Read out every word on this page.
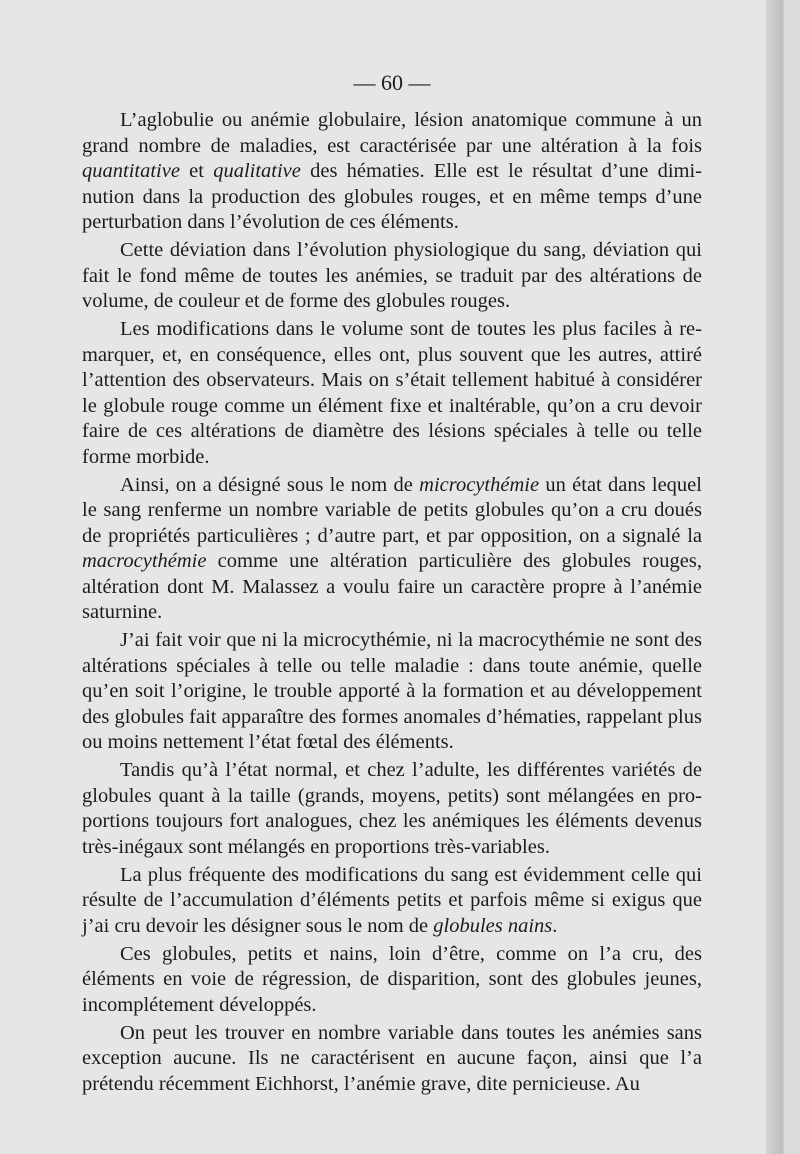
— 60 —

L’aglobulie ou anémie globulaire, lésion anatomique commune à un grand nombre de maladies, est caractérisée par une altération à la fois quantitative et qualitative des hématies. Elle est le résultat d’une diminution dans la production des globules rouges, et en même temps d’une perturbation dans l’évolution de ces éléments.

Cette déviation dans l’évolution physiologique du sang, déviation qui fait le fond même de toutes les anémies, se traduit par des altérations de volume, de couleur et de forme des globules rouges.

Les modifications dans le volume sont de toutes les plus faciles à remarquer, et, en conséquence, elles ont, plus souvent que les autres, attiré l’attention des observateurs. Mais on s’était tellement habitué à considérer le globule rouge comme un élément fixe et inaltérable, qu’on a cru devoir faire de ces altérations de diamètre des lésions spéciales à telle ou telle forme morbide.

Ainsi, on a désigné sous le nom de microcythémie un état dans lequel le sang renferme un nombre variable de petits globules qu’on a cru doués de propriétés particulières ; d’autre part, et par opposition, on a signalé la macrocythémie comme une altération particulière des globules rouges, altération dont M. Malassez a voulu faire un caractère propre à l’anémie saturnine.

J’ai fait voir que ni la microcythémie, ni la macrocythémie ne sont des altérations spéciales à telle ou telle maladie : dans toute anémie, quelle qu’en soit l’origine, le trouble apporté à la formation et au développement des globules fait apparaître des formes anomales d’hématies, rappelant plus ou moins nettement l’état fœtal des éléments.

Tandis qu’à l’état normal, et chez l’adulte, les différentes variétés de globules quant à la taille (grands, moyens, petits) sont mélangées en proportions toujours fort analogues, chez les anémiques les éléments devenus très-inégaux sont mélangés en proportions très-variables.

La plus fréquente des modifications du sang est évidemment celle qui résulte de l’accumulation d’éléments petits et parfois même si exigus que j’ai cru devoir les désigner sous le nom de globules nains.

Ces globules, petits et nains, loin d’être, comme on l’a cru, des éléments en voie de régression, de disparition, sont des globules jeunes, incomplétement développés.

On peut les trouver en nombre variable dans toutes les anémies sans exception aucune. Ils ne caractérisent en aucune façon, ainsi que l’a prétendu récemment Eichhorst, l’anémie grave, dite pernicieuse. Au
